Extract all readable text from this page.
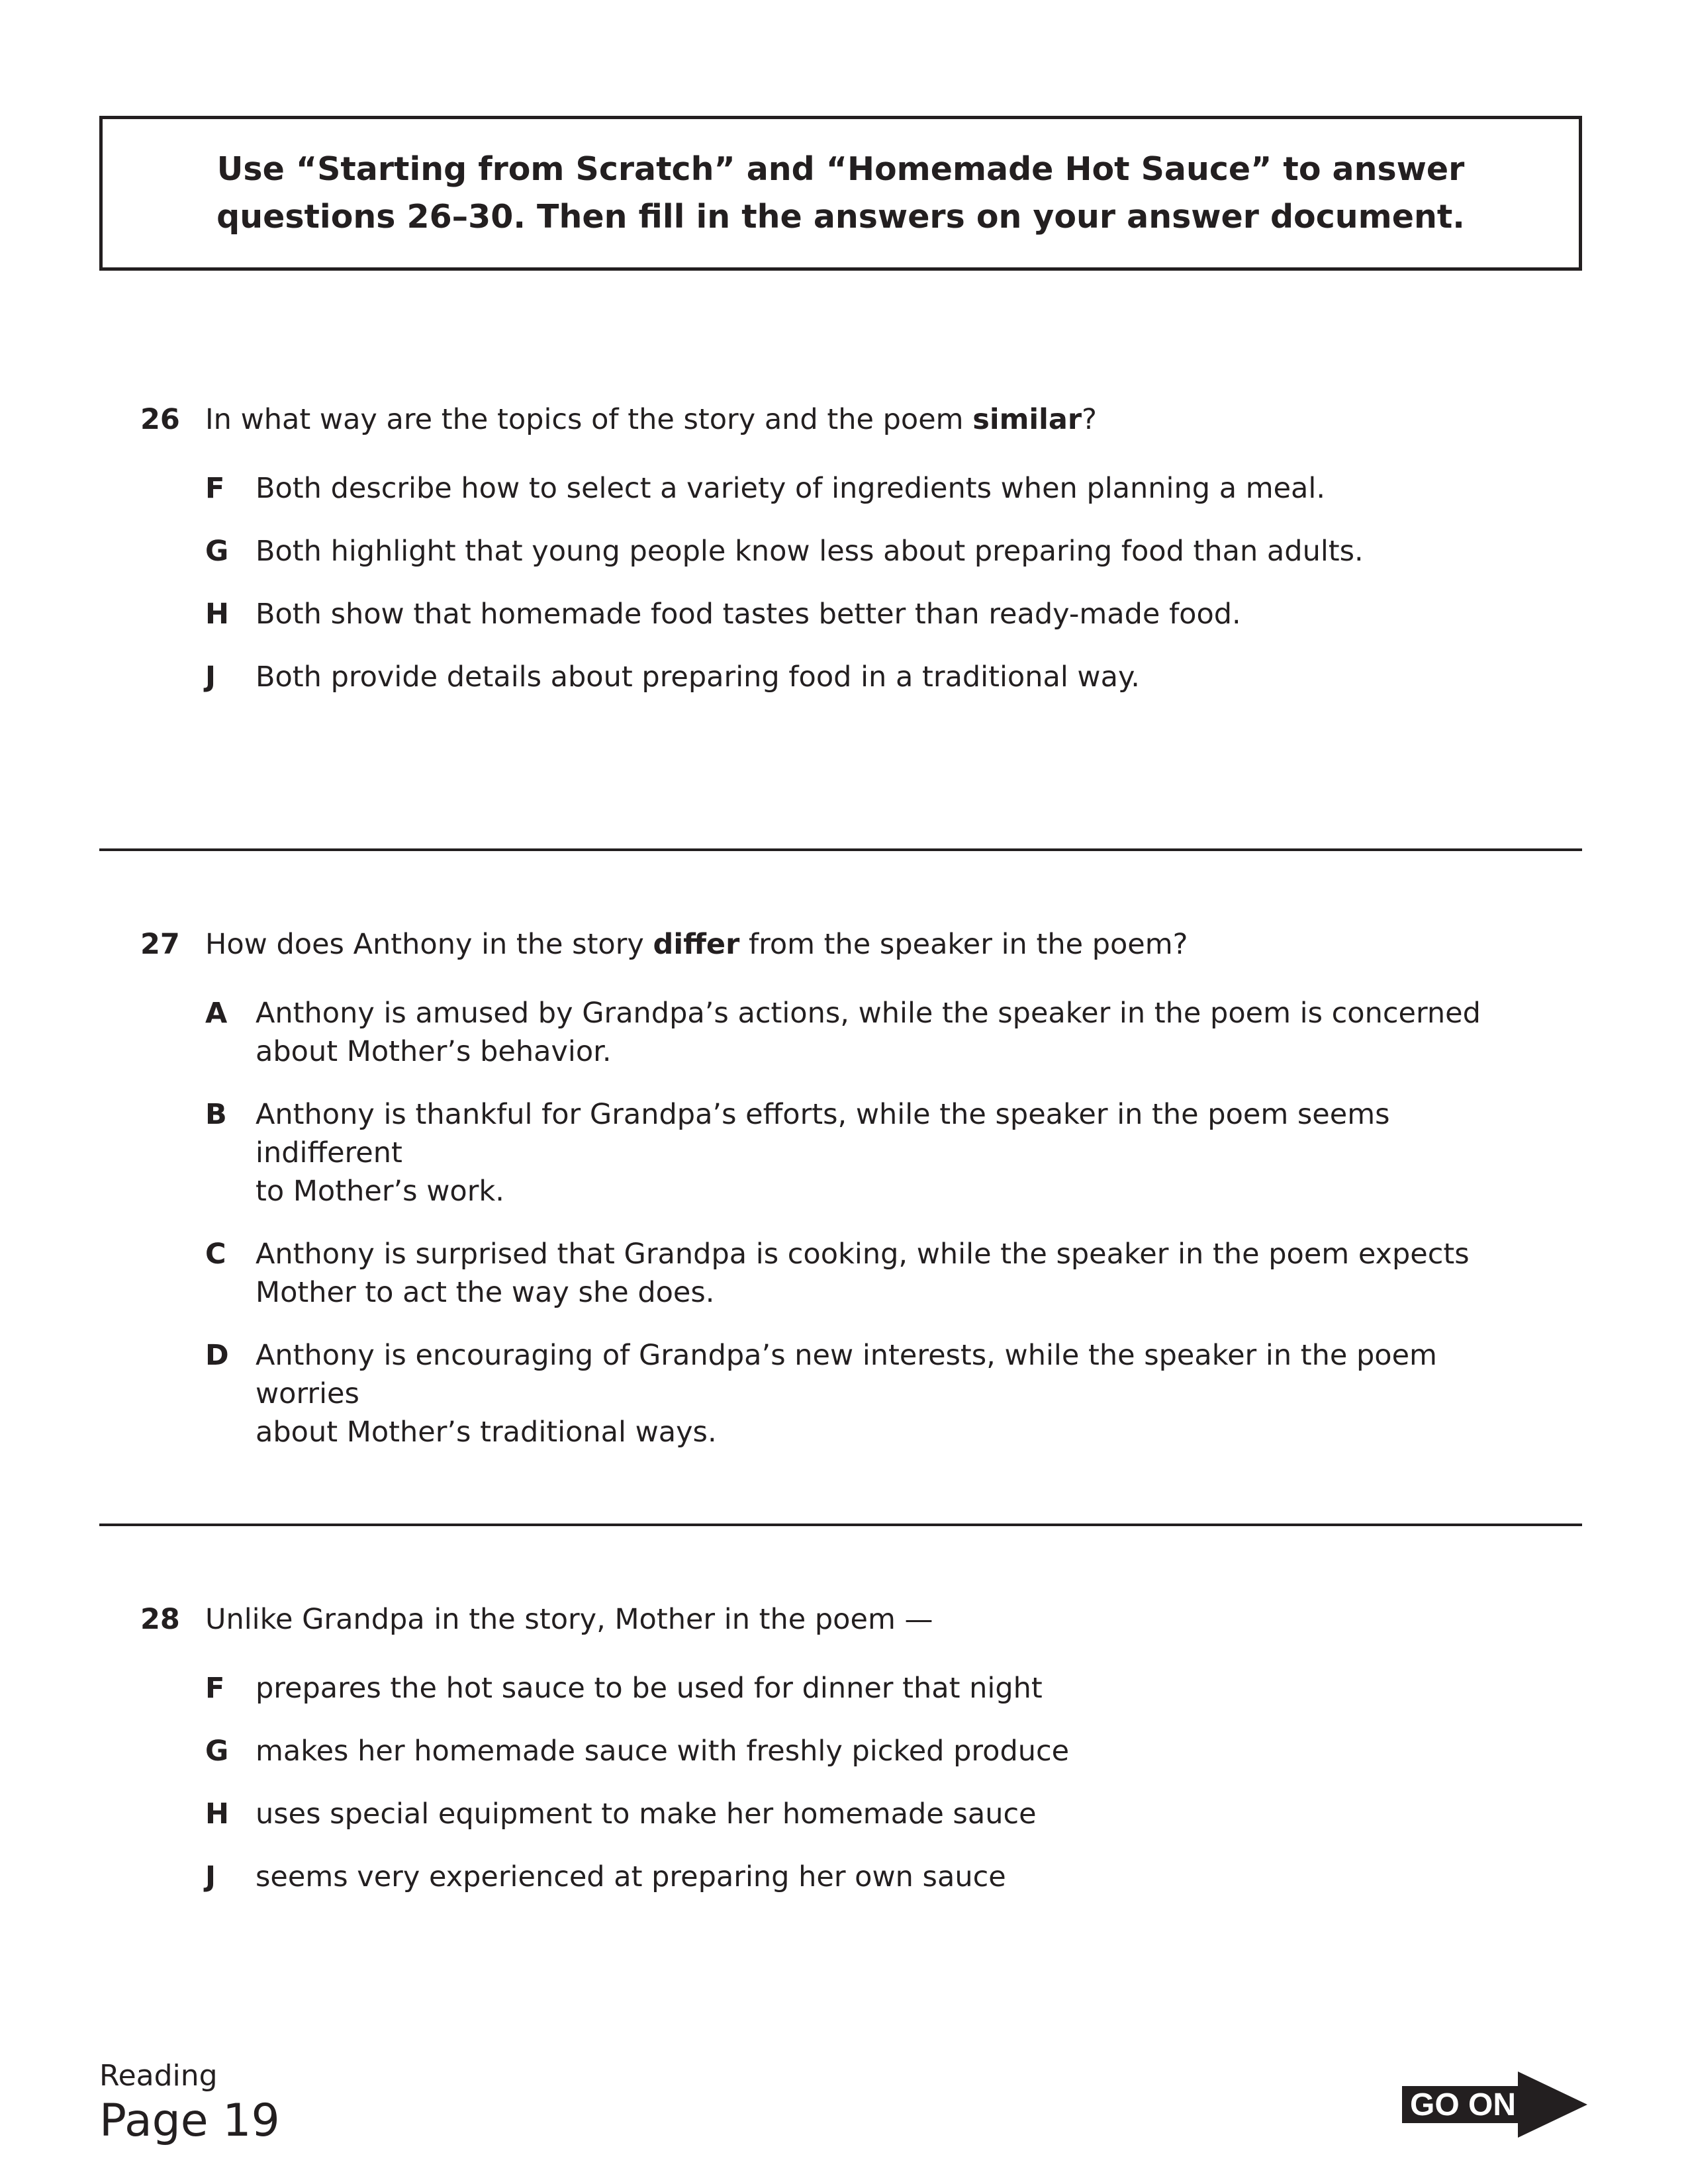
Use “Starting from Scratch” and “Homemade Hot Sauce” to answer
questions 26–30. Then fill in the answers on your answer document.
26 In what way are the topics of the story and the poem similar?
F Both describe how to select a variety of ingredients when planning a meal.
G Both highlight that young people know less about preparing food than adults.
H Both show that homemade food tastes better than ready-made food.
J Both provide details about preparing food in a traditional way.
27 How does Anthony in the story differ from the speaker in the poem?
A Anthony is amused by Grandpa’s actions, while the speaker in the poem is concerned
about Mother’s behavior.
B Anthony is thankful for Grandpa’s efforts, while the speaker in the poem seems indifferent
to Mother’s work.
C Anthony is surprised that Grandpa is cooking, while the speaker in the poem expects
Mother to act the way she does.
D Anthony is encouraging of Grandpa’s new interests, while the speaker in the poem worries
about Mother’s traditional ways.
28 Unlike Grandpa in the story, Mother in the poem —
F prepares the hot sauce to be used for dinner that night
G makes her homemade sauce with freshly picked produce
H uses special equipment to make her homemade sauce
J seems very experienced at preparing her own sauce
Reading
Page 19	GO ON
